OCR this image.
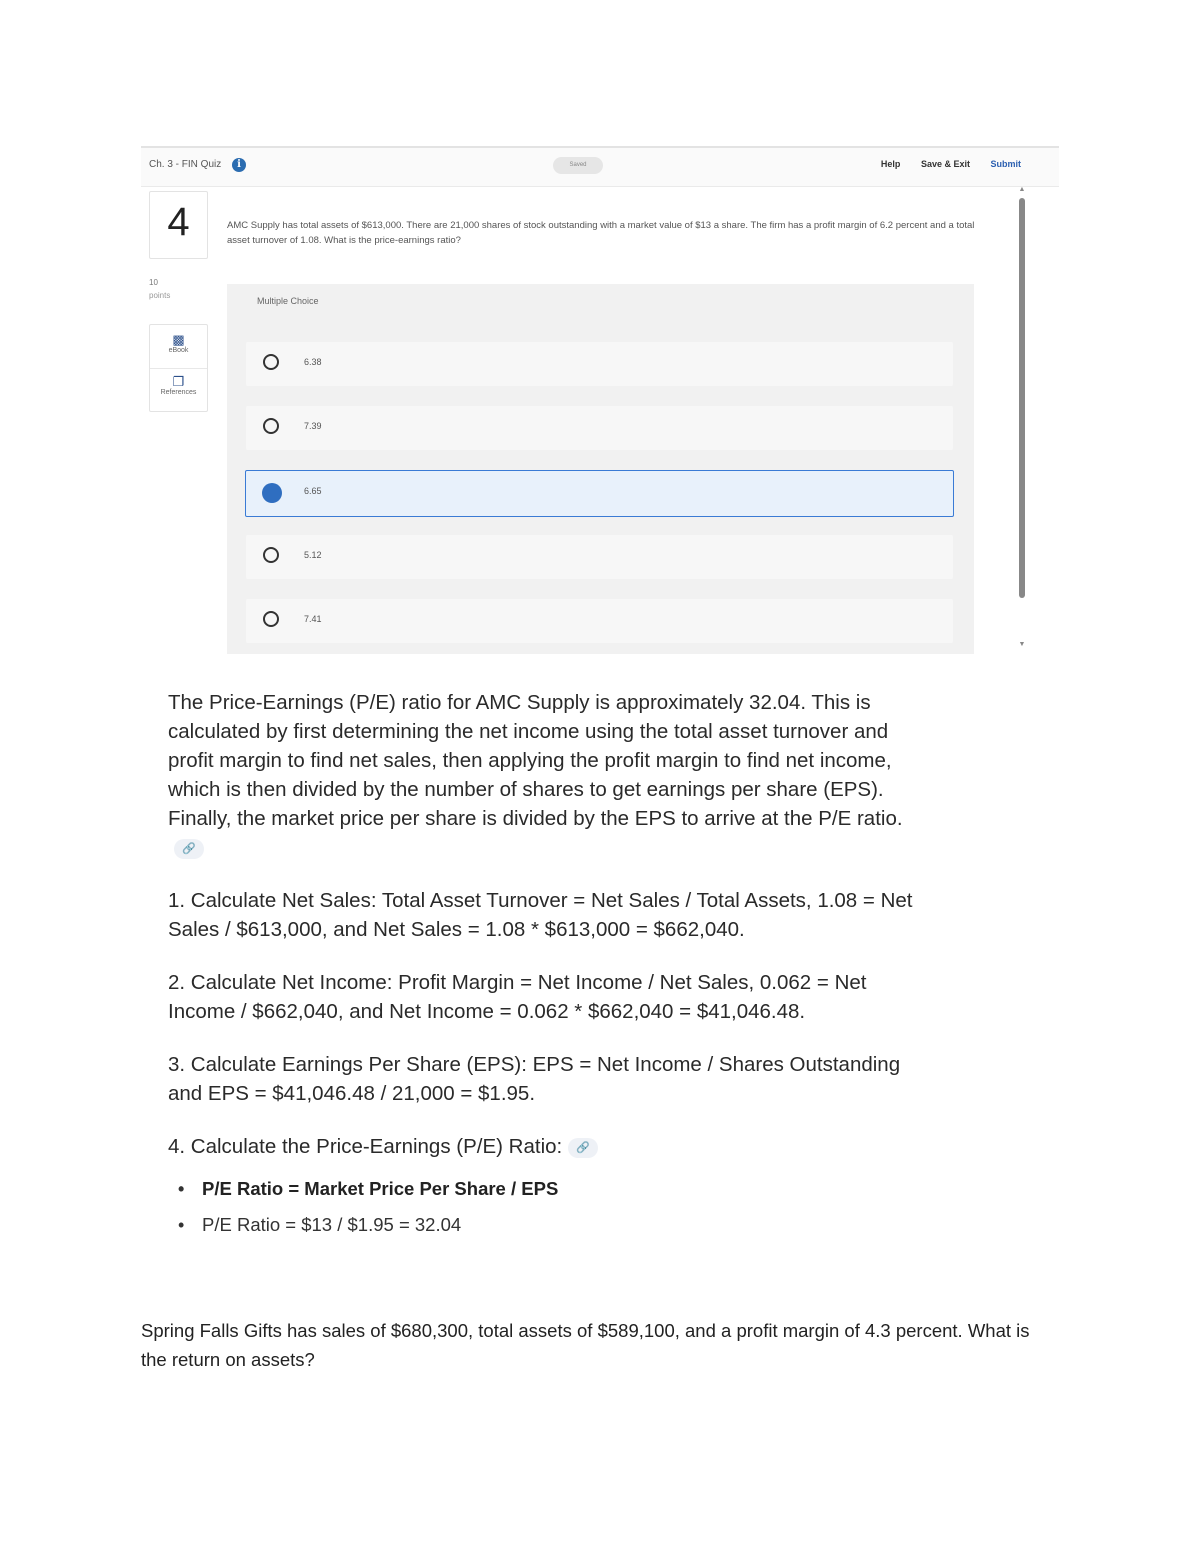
Ch. 3 - FIN Quiz	i	Saved	Help Save & Exit Submit
4
10
points
▩
eBook
❐
References
AMC Supply has total assets of $613,000. There are 21,000 shares of stock outstanding with a market value of $13 a share. The firm has a profit margin of 6.2 percent and a total asset turnover of 1.08. What is the price-earnings ratio?
Multiple Choice
6.38
7.39
6.65
5.12
7.41
▲
▼

The Price-Earnings (P/E) ratio for AMC Supply is approximately 32.04. This is calculated by first determining the net income using the total asset turnover and profit margin to find net sales, then applying the profit margin to find net income, which is then divided by the number of shares to get earnings per share (EPS). Finally, the market price per share is divided by the EPS to arrive at the P/E ratio.🔗

1. Calculate Net Sales: Total Asset Turnover = Net Sales / Total Assets, 1.08 = Net Sales / $613,000, and Net Sales = 1.08 * $613,000 = $662,040.

2. Calculate Net Income: Profit Margin = Net Income / Net Sales, 0.062 = Net Income / $662,040, and Net Income = 0.062 * $662,040 = $41,046.48.

3. Calculate Earnings Per Share (EPS): EPS = Net Income / Shares Outstanding and EPS = $41,046.48 / 21,000 = $1.95.

4. Calculate the Price-Earnings (P/E) Ratio: 🔗

• P/E Ratio = Market Price Per Share / EPS
• P/E Ratio = $13 / $1.95 = 32.04
Spring Falls Gifts has sales of $680,300, total assets of $589,100, and a profit margin of 4.3 percent. What is the return on assets?
